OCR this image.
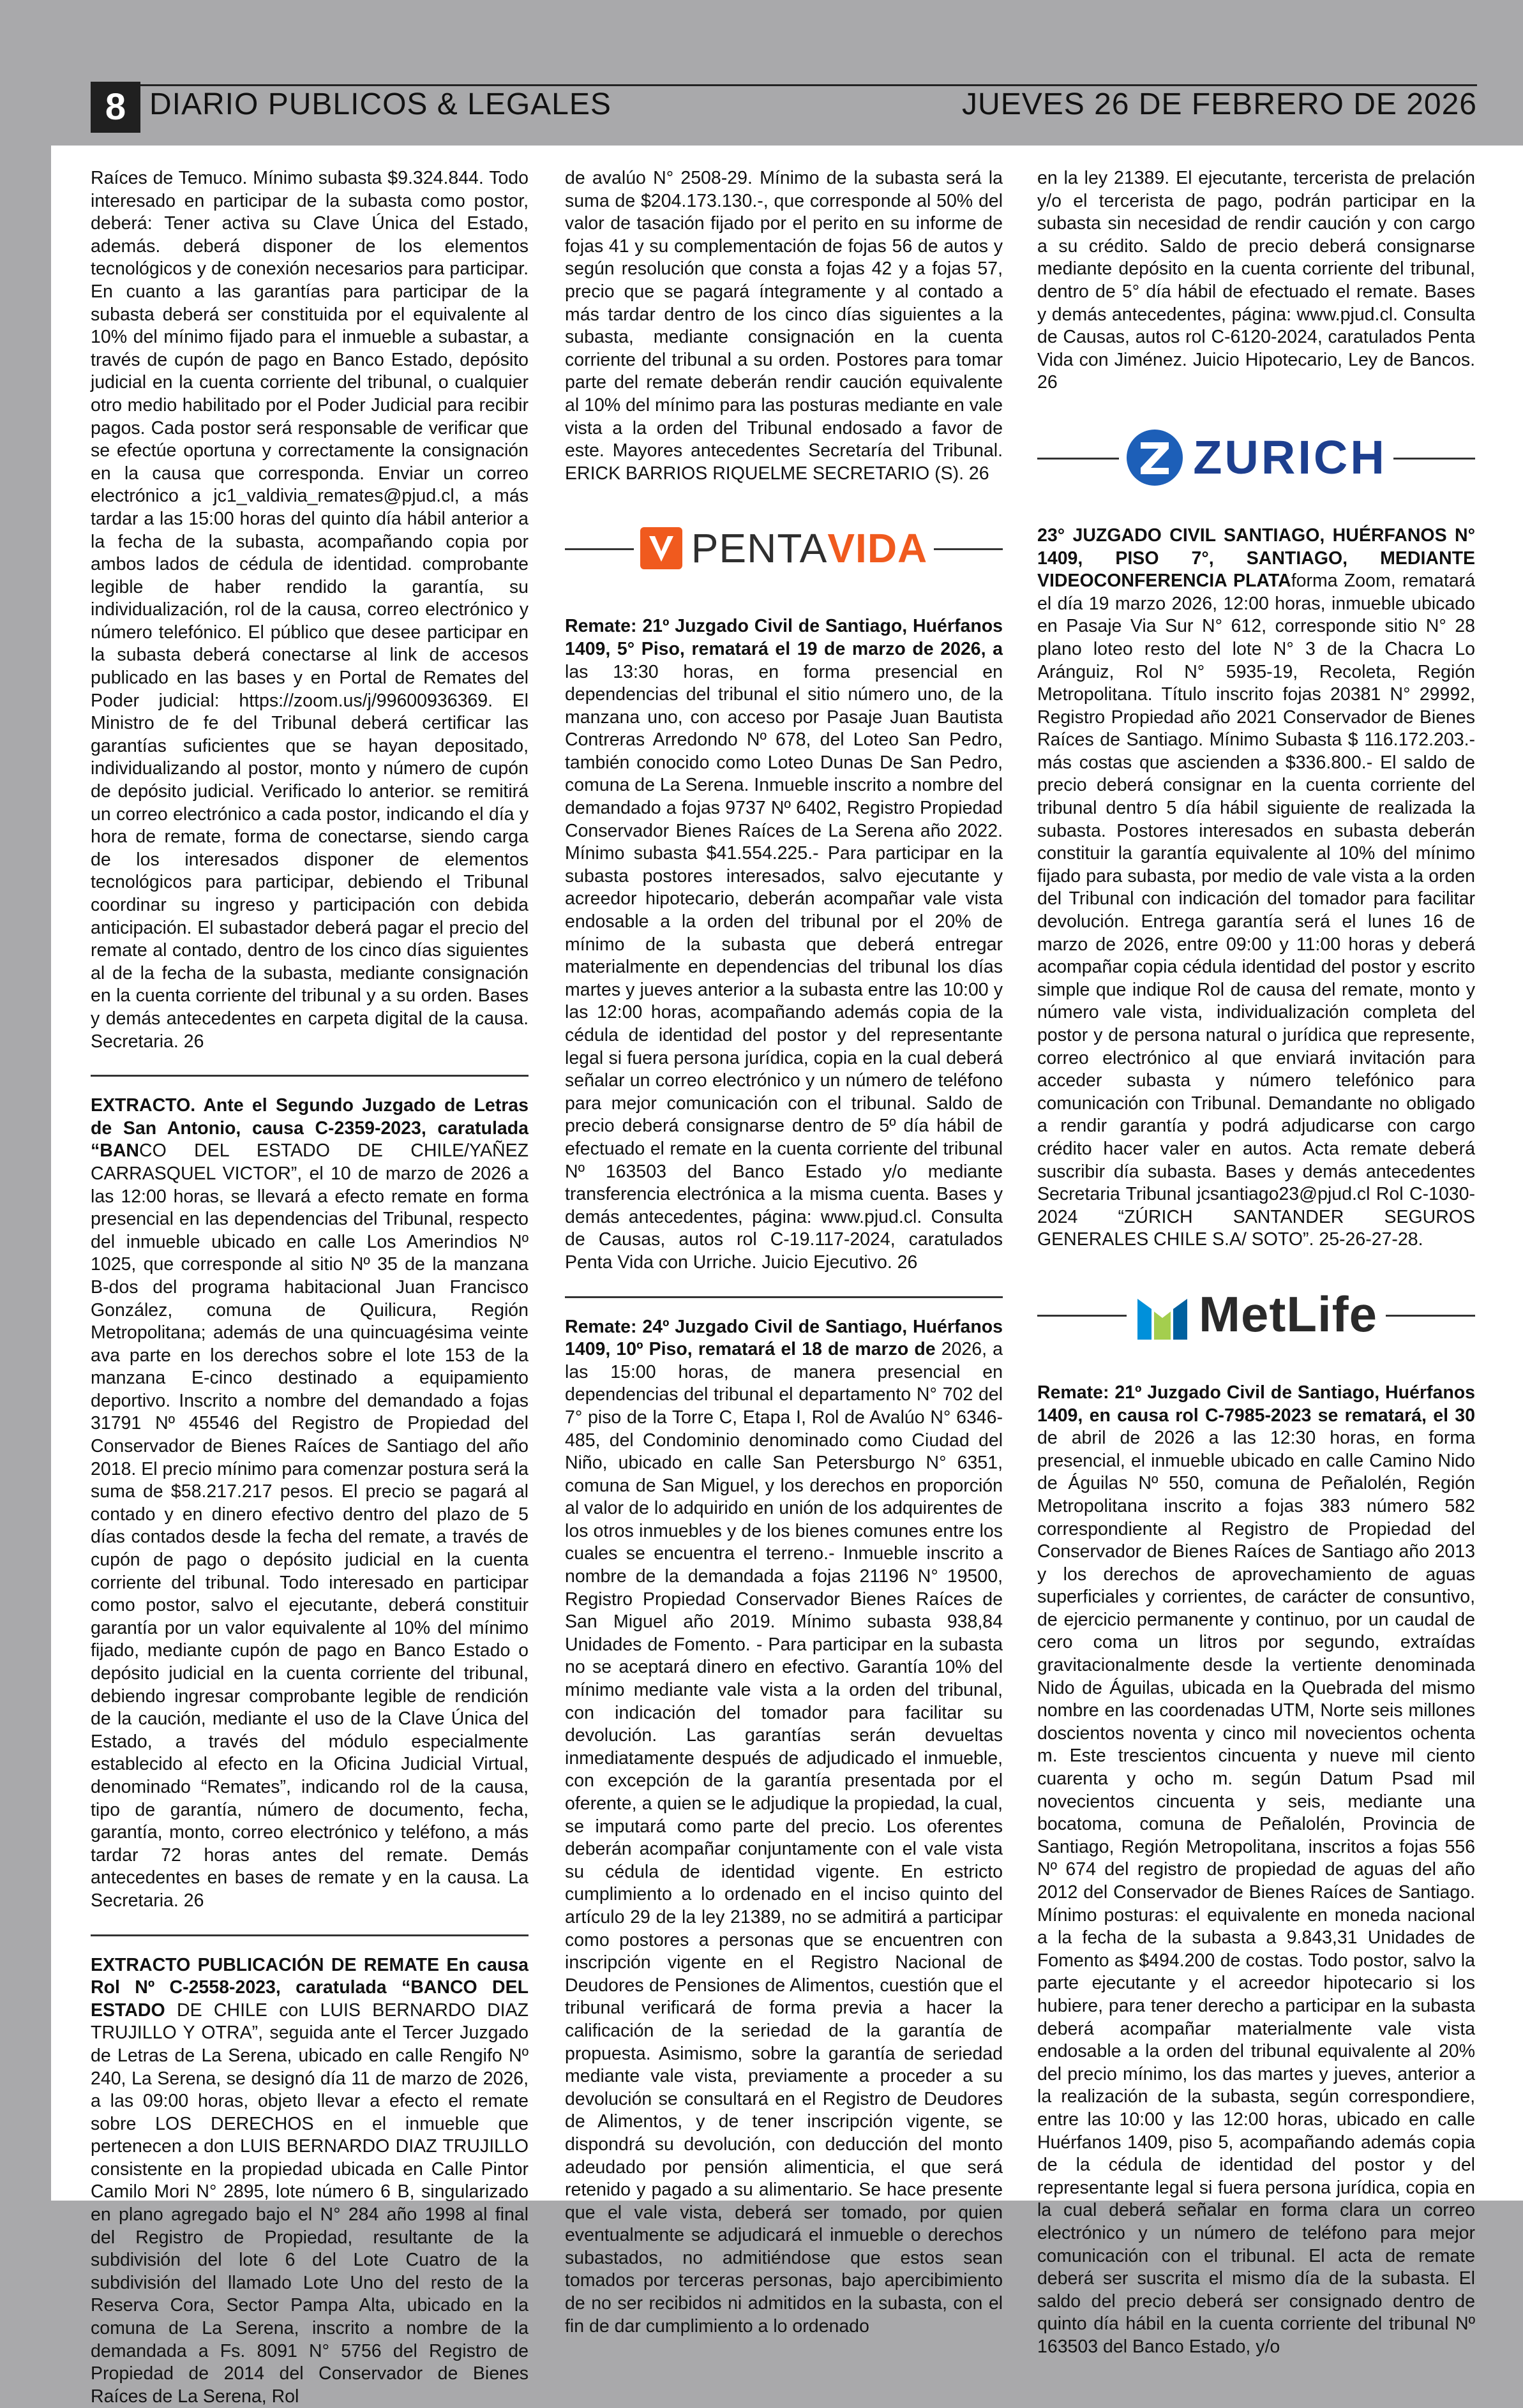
8 DIARIO PUBLICOS & LEGALES	JUEVES 26 DE FEBRERO DE 2026

Raíces de Temuco. Mínimo subasta $9.324.844. Todo interesado en participar de la subasta como postor, deberá: Tener activa su Clave Única del Estado, además. deberá disponer de los elementos tecnológicos y de conexión necesarios para participar. En cuanto a las garantías para participar de la subasta deberá ser constituida por el equivalente al 10% del mínimo fijado para el inmueble a subastar, a través de cupón de pago en Banco Estado, depósito judicial en la cuenta corriente del tribunal, o cualquier otro medio habilitado por el Poder Judicial para recibir pagos. Cada postor será responsable de verificar que se efectúe oportuna y correctamente la consignación en la causa que corresponda. Enviar un correo electrónico a jc1_valdivia_remates@pjud.cl, a más tardar a las 15:00 horas del quinto día hábil anterior a la fecha de la subasta, acompañando copia por ambos lados de cédula de identidad. comprobante legible de haber rendido la garantía, su individualización, rol de la causa, correo electrónico y número telefónico. El público que desee participar en la subasta deberá conectarse al link de accesos publicado en las bases y en Portal de Remates del Poder judicial: https://zoom.us/j/99600936369. El Ministro de fe del Tribunal deberá certificar las garantías suficientes que se hayan depositado, individualizando al postor, monto y número de cupón de depósito judicial. Verificado lo anterior. se remitirá un correo electrónico a cada postor, indicando el día y hora de remate, forma de conectarse, siendo carga de los interesados disponer de elementos tecnológicos para participar, debiendo el Tribunal coordinar su ingreso y participación con debida anticipación. El subastador deberá pagar el precio del remate al contado, dentro de los cinco días siguientes al de la fecha de la subasta, mediante consignación en la cuenta corriente del tribunal y a su orden. Bases y demás antecedentes en carpeta digital de la causa. Secretaria. 26

EXTRACTO. Ante el Segundo Juzgado de Letras de San Antonio, causa C-2359-2023, caratulada “BANCO DEL ESTADO DE CHILE/YAÑEZ CARRASQUEL VICTOR”, el 10 de marzo de 2026 a las 12:00 horas, se llevará a efecto remate en forma presencial en las dependencias del Tribunal, respecto del inmueble ubicado en calle Los Amerindios Nº 1025, que corresponde al sitio Nº 35 de la manzana B-dos del programa habitacional Juan Francisco González, comuna de Quilicura, Región Metropolitana; además de una quincuagésima veinte ava parte en los derechos sobre el lote 153 de la manzana E-cinco destinado a equipamiento deportivo. Inscrito a nombre del demandado a fojas 31791 Nº 45546 del Registro de Propiedad del Conservador de Bienes Raíces de Santiago del año 2018. El precio mínimo para comenzar postura será la suma de $58.217.217 pesos. El precio se pagará al contado y en dinero efectivo dentro del plazo de 5 días contados desde la fecha del remate, a través de cupón de pago o depósito judicial en la cuenta corriente del tribunal. Todo interesado en participar como postor, salvo el ejecutante, deberá constituir garantía por un valor equivalente al 10% del mínimo fijado, mediante cupón de pago en Banco Estado o depósito judicial en la cuenta corriente del tribunal, debiendo ingresar comprobante legible de rendición de la caución, mediante el uso de la Clave Única del Estado, a través del módulo especialmente establecido al efecto en la Oficina Judicial Virtual, denominado “Remates”, indicando rol de la causa, tipo de garantía, número de documento, fecha, garantía, monto, correo electrónico y teléfono, a más tardar 72 horas antes del remate. Demás antecedentes en bases de remate y en la causa. La Secretaria. 26

EXTRACTO PUBLICACIÓN DE REMATE En causa Rol Nº C-2558-2023, caratulada “BANCO DEL ESTADO DE CHILE con LUIS BERNARDO DIAZ TRUJILLO Y OTRA”, seguida ante el Tercer Juzgado de Letras de La Serena, ubicado en calle Rengifo Nº 240, La Serena, se designó día 11 de marzo de 2026, a las 09:00 horas, objeto llevar a efecto el remate sobre LOS DERECHOS en el inmueble que pertenecen a don LUIS BERNARDO DIAZ TRUJILLO consistente en la propiedad ubicada en Calle Pintor Camilo Mori N° 2895, lote número 6 B, singularizado en plano agregado bajo el N° 284 año 1998 al final del Registro de Propiedad, resultante de la subdivisión del lote 6 del Lote Cuatro de la subdivisión del llamado Lote Uno del resto de la Reserva Cora, Sector Pampa Alta, ubicado en la comuna de La Serena, inscrito a nombre de la demandada a Fs. 8091 N° 5756 del Registro de Propiedad de 2014 del Conservador de Bienes Raíces de La Serena, Rol

de avalúo N° 2508-29. Mínimo de la subasta será la suma de $204.173.130.-, que corresponde al 50% del valor de tasación fijado por el perito en su informe de fojas 41 y su complementación de fojas 56 de autos y según resolución que consta a fojas 42 y a fojas 57, precio que se pagará íntegramente y al contado a más tardar dentro de los cinco días siguientes a la subasta, mediante consignación en la cuenta corriente del tribunal a su orden. Postores para tomar parte del remate deberán rendir caución equivalente al 10% del mínimo para las posturas mediante en vale vista a la orden del Tribunal endosado a favor de este. Mayores antecedentes Secretaría del Tribunal. ERICK BARRIOS RIQUELME SECRETARIO (S). 26

PENTAVIDA

Remate: 21º Juzgado Civil de Santiago, Huérfanos 1409, 5° Piso, rematará el 19 de marzo de 2026, a las 13:30 horas, en forma presencial en dependencias del tribunal el sitio número uno, de la manzana uno, con acceso por Pasaje Juan Bautista Contreras Arredondo Nº 678, del Loteo San Pedro, también conocido como Loteo Dunas De San Pedro, comuna de La Serena. Inmueble inscrito a nombre del demandado a fojas 9737 Nº 6402, Registro Propiedad Conservador Bienes Raíces de La Serena año 2022. Mínimo subasta $41.554.225.- Para participar en la subasta postores interesados, salvo ejecutante y acreedor hipotecario, deberán acompañar vale vista endosable a la orden del tribunal por el 20% de mínimo de la subasta que deberá entregar materialmente en dependencias del tribunal los días martes y jueves anterior a la subasta entre las 10:00 y las 12:00 horas, acompañando además copia de la cédula de identidad del postor y del representante legal si fuera persona jurídica, copia en la cual deberá señalar un correo electrónico y un número de teléfono para mejor comunicación con el tribunal. Saldo de precio deberá consignarse dentro de 5º día hábil de efectuado el remate en la cuenta corriente del tribunal Nº 163503 del Banco Estado y/o mediante transferencia electrónica a la misma cuenta. Bases y demás antecedentes, página: www.pjud.cl. Consulta de Causas, autos rol C-19.117-2024, caratulados Penta Vida con Urriche. Juicio Ejecutivo. 26

Remate: 24º Juzgado Civil de Santiago, Huérfanos 1409, 10º Piso, rematará el 18 de marzo de 2026, a las 15:00 horas, de manera presencial en dependencias del tribunal el departamento N° 702 del 7° piso de la Torre C, Etapa I, Rol de Avalúo N° 6346-485, del Condominio denominado como Ciudad del Niño, ubicado en calle San Petersburgo N° 6351, comuna de San Miguel, y los derechos en proporción al valor de lo adquirido en unión de los adquirentes de los otros inmuebles y de los bienes comunes entre los cuales se encuentra el terreno.- Inmueble inscrito a nombre de la demandada a fojas 21196 N° 19500, Registro Propiedad Conservador Bienes Raíces de San Miguel año 2019. Mínimo subasta 938,84 Unidades de Fomento. - Para participar en la subasta no se aceptará dinero en efectivo. Garantía 10% del mínimo mediante vale vista a la orden del tribunal, con indicación del tomador para facilitar su devolución. Las garantías serán devueltas inmediatamente después de adjudicado el inmueble, con excepción de la garantía presentada por el oferente, a quien se le adjudique la propiedad, la cual, se imputará como parte del precio. Los oferentes deberán acompañar conjuntamente con el vale vista su cédula de identidad vigente. En estricto cumplimiento a lo ordenado en el inciso quinto del artículo 29 de la ley 21389, no se admitirá a participar como postores a personas que se encuentren con inscripción vigente en el Registro Nacional de Deudores de Pensiones de Alimentos, cuestión que el tribunal verificará de forma previa a hacer la calificación de la seriedad de la garantía de propuesta. Asimismo, sobre la garantía de seriedad mediante vale vista, previamente a proceder a su devolución se consultará en el Registro de Deudores de Alimentos, y de tener inscripción vigente, se dispondrá su devolución, con deducción del monto adeudado por pensión alimenticia, el que será retenido y pagado a su alimentario. Se hace presente que el vale vista, deberá ser tomado, por quien eventualmente se adjudicará el inmueble o derechos subastados, no admitiéndose que estos sean tomados por terceras personas, bajo apercibimiento de no ser recibidos ni admitidos en la subasta, con el fin de dar cumplimiento a lo ordenado

en la ley 21389. El ejecutante, tercerista de prelación y/o el tercerista de pago, podrán participar en la subasta sin necesidad de rendir caución y con cargo a su crédito. Saldo de precio deberá consignarse mediante depósito en la cuenta corriente del tribunal, dentro de 5° día hábil de efectuado el remate. Bases y demás antecedentes, página: www.pjud.cl. Consulta de Causas, autos rol C-6120-2024, caratulados Penta Vida con Jiménez. Juicio Hipotecario, Ley de Bancos. 26

ZURICH

23° JUZGADO CIVIL SANTIAGO, HUÉRFANOS N° 1409, PISO 7°, SANTIAGO, MEDIANTE VIDEOCONFERENCIA PLATAforma Zoom, rematará el día 19 marzo 2026, 12:00 horas, inmueble ubicado en Pasaje Via Sur N° 612, corresponde sitio N° 28 plano loteo resto del lote N° 3 de la Chacra Lo Aránguiz, Rol N° 5935-19, Recoleta, Región Metropolitana. Título inscrito fojas 20381 N° 29992, Registro Propiedad año 2021 Conservador de Bienes Raíces de Santiago. Mínimo Subasta $ 116.172.203.- más costas que ascienden a $336.800.- El saldo de precio deberá consignar en la cuenta corriente del tribunal dentro 5 día hábil siguiente de realizada la subasta. Postores interesados en subasta deberán constituir la garantía equivalente al 10% del mínimo fijado para subasta, por medio de vale vista a la orden del Tribunal con indicación del tomador para facilitar devolución. Entrega garantía será el lunes 16 de marzo de 2026, entre 09:00 y 11:00 horas y deberá acompañar copia cédula identidad del postor y escrito simple que indique Rol de causa del remate, monto y número vale vista, individualización completa del postor y de persona natural o jurídica que represente, correo electrónico al que enviará invitación para acceder subasta y número telefónico para comunicación con Tribunal. Demandante no obligado a rendir garantía y podrá adjudicarse con cargo crédito hacer valer en autos. Acta remate deberá suscribir día subasta. Bases y demás antecedentes Secretaria Tribunal jcsantiago23@pjud.cl Rol C-1030-2024 “ZÚRICH SANTANDER SEGUROS GENERALES CHILE S.A/ SOTO”. 25-26-27-28.

MetLife

Remate: 21º Juzgado Civil de Santiago, Huérfanos 1409, en causa rol C-7985-2023 se rematará, el 30 de abril de 2026 a las 12:30 horas, en forma presencial, el inmueble ubicado en calle Camino Nido de Águilas Nº 550, comuna de Peñalolén, Región Metropolitana inscrito a fojas 383 número 582 correspondiente al Registro de Propiedad del Conservador de Bienes Raíces de Santiago año 2013 y los derechos de aprovechamiento de aguas superficiales y corrientes, de carácter de consuntivo, de ejercicio permanente y continuo, por un caudal de cero coma un litros por segundo, extraídas gravitacionalmente desde la vertiente denominada Nido de Águilas, ubicada en la Quebrada del mismo nombre en las coordenadas UTM, Norte seis millones doscientos noventa y cinco mil novecientos ochenta m. Este trescientos cincuenta y nueve mil ciento cuarenta y ocho m. según Datum Psad mil novecientos cincuenta y seis, mediante una bocatoma, comuna de Peñalolén, Provincia de Santiago, Región Metropolitana, inscritos a fojas 556 Nº 674 del registro de propiedad de aguas del año 2012 del Conservador de Bienes Raíces de Santiago. Mínimo posturas: el equivalente en moneda nacional a la fecha de la subasta a 9.843,31 Unidades de Fomento as $494.200 de costas. Todo postor, salvo la parte ejecutante y el acreedor hipotecario si los hubiere, para tener derecho a participar en la subasta deberá acompañar materialmente vale vista endosable a la orden del tribunal equivalente al 20% del precio mínimo, los das martes y jueves, anterior a la realización de la subasta, según correspondiere, entre las 10:00 y las 12:00 horas, ubicado en calle Huérfanos 1409, piso 5, acompañando además copia de la cédula de identidad del postor y del representante legal si fuera persona jurídica, copia en la cual deberá señalar en forma clara un correo electrónico y un número de teléfono para mejor comunicación con el tribunal. El acta de remate deberá ser suscrita el mismo día de la subasta. El saldo del precio deberá ser consignado dentro de quinto día hábil en la cuenta corriente del tribunal Nº 163503 del Banco Estado, y/o
